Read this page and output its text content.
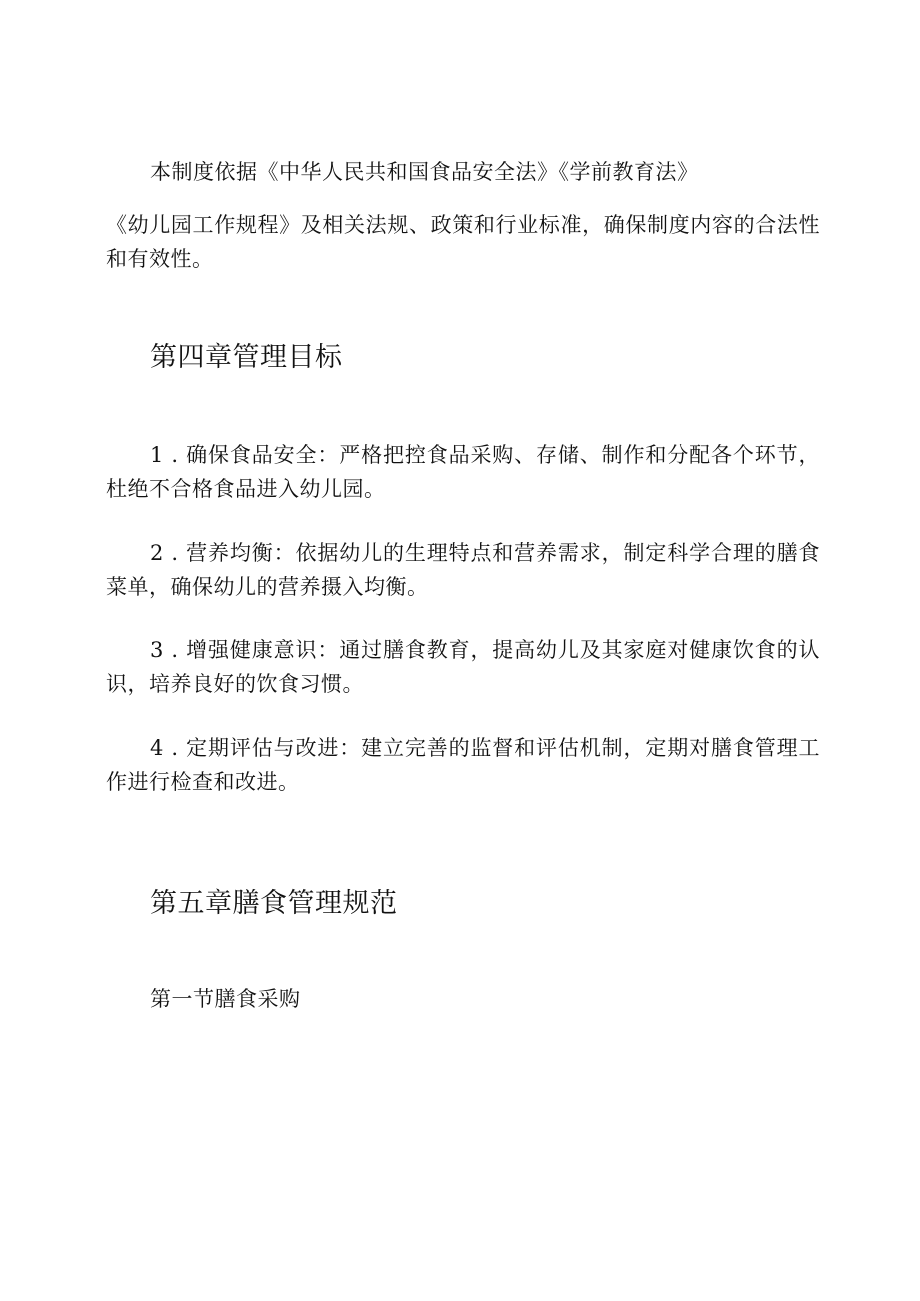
本制度依据《中华人民共和国食品安全法》《学前教育法》

《幼儿园工作规程》及相关法规、政策和行业标准，确保制度内容的合法性和有效性。

第四章管理目标

1 . 确保食品安全：严格把控食品采购、存储、制作和分配各个环节，杜绝不合格食品进入幼儿园。

2 . 营养均衡：依据幼儿的生理特点和营养需求，制定科学合理的膳食菜单，确保幼儿的营养摄入均衡。

3 . 增强健康意识：通过膳食教育，提高幼儿及其家庭对健康饮食的认识，培养良好的饮食习惯。

4 . 定期评估与改进：建立完善的监督和评估机制，定期对膳食管理工作进行检查和改进。

第五章膳食管理规范

第一节膳食采购
